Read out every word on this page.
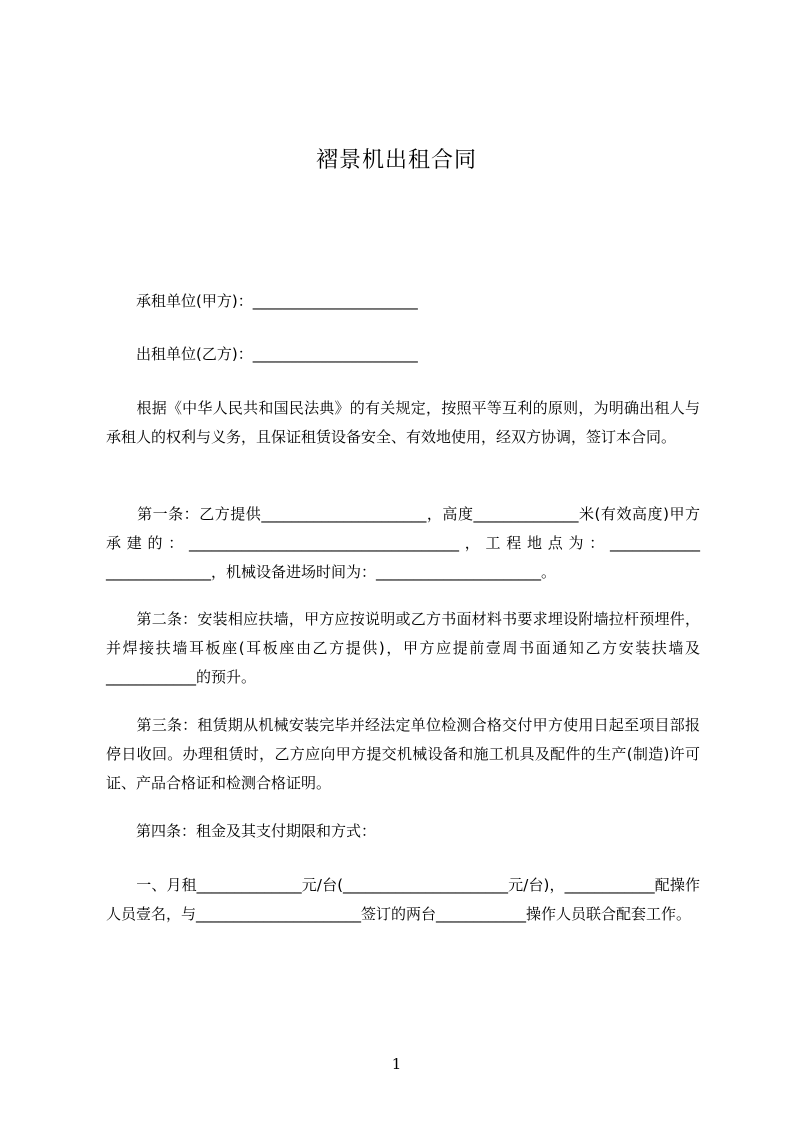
褶景机出租合同

　　承租单位(甲方)：______________________

　　出租单位(乙方)：______________________

　　根据《中华人民共和国民法典》的有关规定，按照平等互利的原则，为明确出租人与承租人的权利与义务，且保证租赁设备安全、有效地使用，经双方协调，签订本合同。

　　第一条：乙方提供______________________，高度______________米(有效高度)甲方承建的：____________________________________，工程地点为：____________ ______________，机械设备进场时间为：______________________。

　　第二条：安装相应扶墙，甲方应按说明或乙方书面材料书要求埋设附墙拉杆预埋件，并焊接扶墙耳板座(耳板座由乙方提供)，甲方应提前壹周书面通知乙方安装扶墙及____________的预升。

　　第三条：租赁期从机械安装完毕并经法定单位检测合格交付甲方使用日起至项目部报停日收回。办理租赁时，乙方应向甲方提交机械设备和施工机具及配件的生产(制造)许可证、产品合格证和检测合格证明。

　　第四条：租金及其支付期限和方式：

　　一、月租______________元/台(______________________元/台)，____________配操作人员壹名，与______________________签订的两台____________操作人员联合配套工作。

1
